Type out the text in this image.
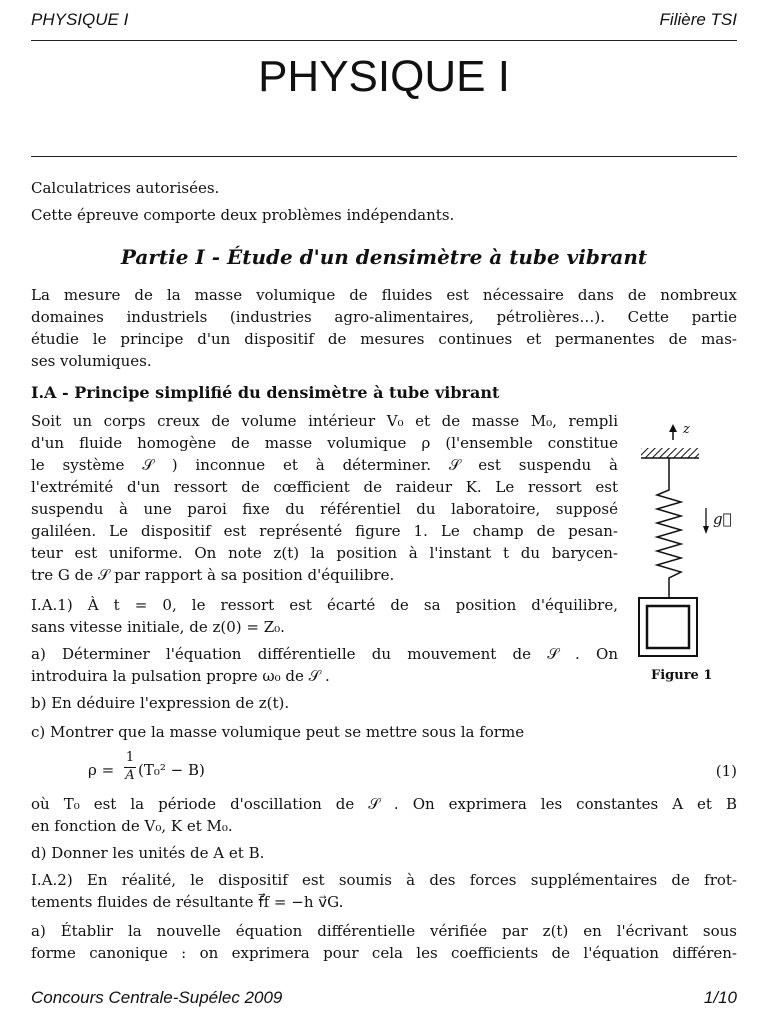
PHYSIQUE I	Filière TSI
PHYSIQUE I
Calculatrices autorisées.
Cette épreuve comporte deux problèmes indépendants.
Partie I - Étude d'un densimètre à tube vibrant
La mesure de la masse volumique de fluides est nécessaire dans de nombreux
domaines industriels (industries agro-alimentaires, pétrolières…). Cette partie
étudie le principe d'un dispositif de mesures continues et permanentes de mas-
ses volumiques.
I.A - Principe simplifié du densimètre à tube vibrant
Soit un corps creux de volume intérieur V₀ et de masse M₀, rempli
d'un fluide homogène de masse volumique ρ (l'ensemble constitue
le système 𝒮 ) inconnue et à déterminer. 𝒮 est suspendu à
l'extrémité d'un ressort de cœfficient de raideur K. Le ressort est
suspendu à une paroi fixe du référentiel du laboratoire, supposé
galiléen. Le dispositif est représenté figure 1. Le champ de pesan-
teur est uniforme. On note z(t) la position à l'instant t du barycen-
tre G de 𝒮 par rapport à sa position d'équilibre.
I.A.1) À t = 0, le ressort est écarté de sa position d'équilibre,
sans vitesse initiale, de z(0) = Z₀.
a) Déterminer l'équation différentielle du mouvement de 𝒮 . On
introduira la pulsation propre ω₀ de 𝒮 .
b) En déduire l'expression de z(t).
c) Montrer que la masse volumique peut se mettre sous la forme
ρ =
1
A (T₀² − B)	(1)
où T₀ est la période d'oscillation de 𝒮 . On exprimera les constantes A et B
en fonction de V₀, K et M₀.
d) Donner les unités de A et B.
I.A.2) En réalité, le dispositif est soumis à des forces supplémentaires de frot-
tements fluides de résultante f⃗f = −h v⃗G.
a) Établir la nouvelle équation différentielle vérifiée par z(t) en l'écrivant sous
forme canonique : on exprimera pour cela les coefficients de l'équation différen-
z
g⃗
Figure 1
Concours Centrale-Supélec 2009	1/10
